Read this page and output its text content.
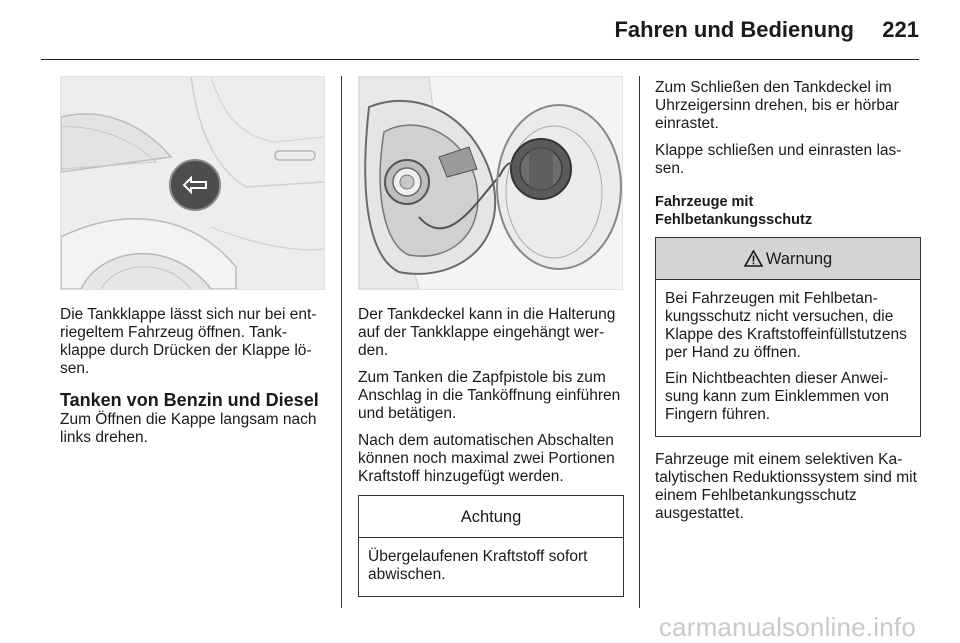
Fahren und Bedienung 221

Die Tankklappe lässt sich nur bei entriegeltem Fahrzeug öffnen. Tankklappe durch Drücken der Klappe lösen.

Tanken von Benzin und Diesel

Zum Öffnen die Kappe langsam nach links drehen.

Der Tankdeckel kann in die Halterung auf der Tankklappe eingehängt werden.

Zum Tanken die Zapfpistole bis zum Anschlag in die Tanköffnung einführen und betätigen.

Nach dem automatischen Abschalten können noch maximal zwei Portionen Kraftstoff hinzugefügt werden.

Achtung

Übergelaufenen Kraftstoff sofort abwischen.

Zum Schließen den Tankdeckel im Uhrzeigersinn drehen, bis er hörbar einrastet.

Klappe schließen und einrasten lassen.

Fahrzeuge mit
Fehlbetankungsschutz
Warnung

Bei Fahrzeugen mit Fehlbetankungsschutz nicht versuchen, die Klappe des Kraftstoffeinfüllstutzens per Hand zu öffnen.

Ein Nichtbeachten dieser Anweisung kann zum Einklemmen von Fingern führen.

Fahrzeuge mit einem selektiven Katalytischen Reduktionssystem sind mit einem Fehlbetankungsschutz ausgestattet.

carmanualsonline.info
